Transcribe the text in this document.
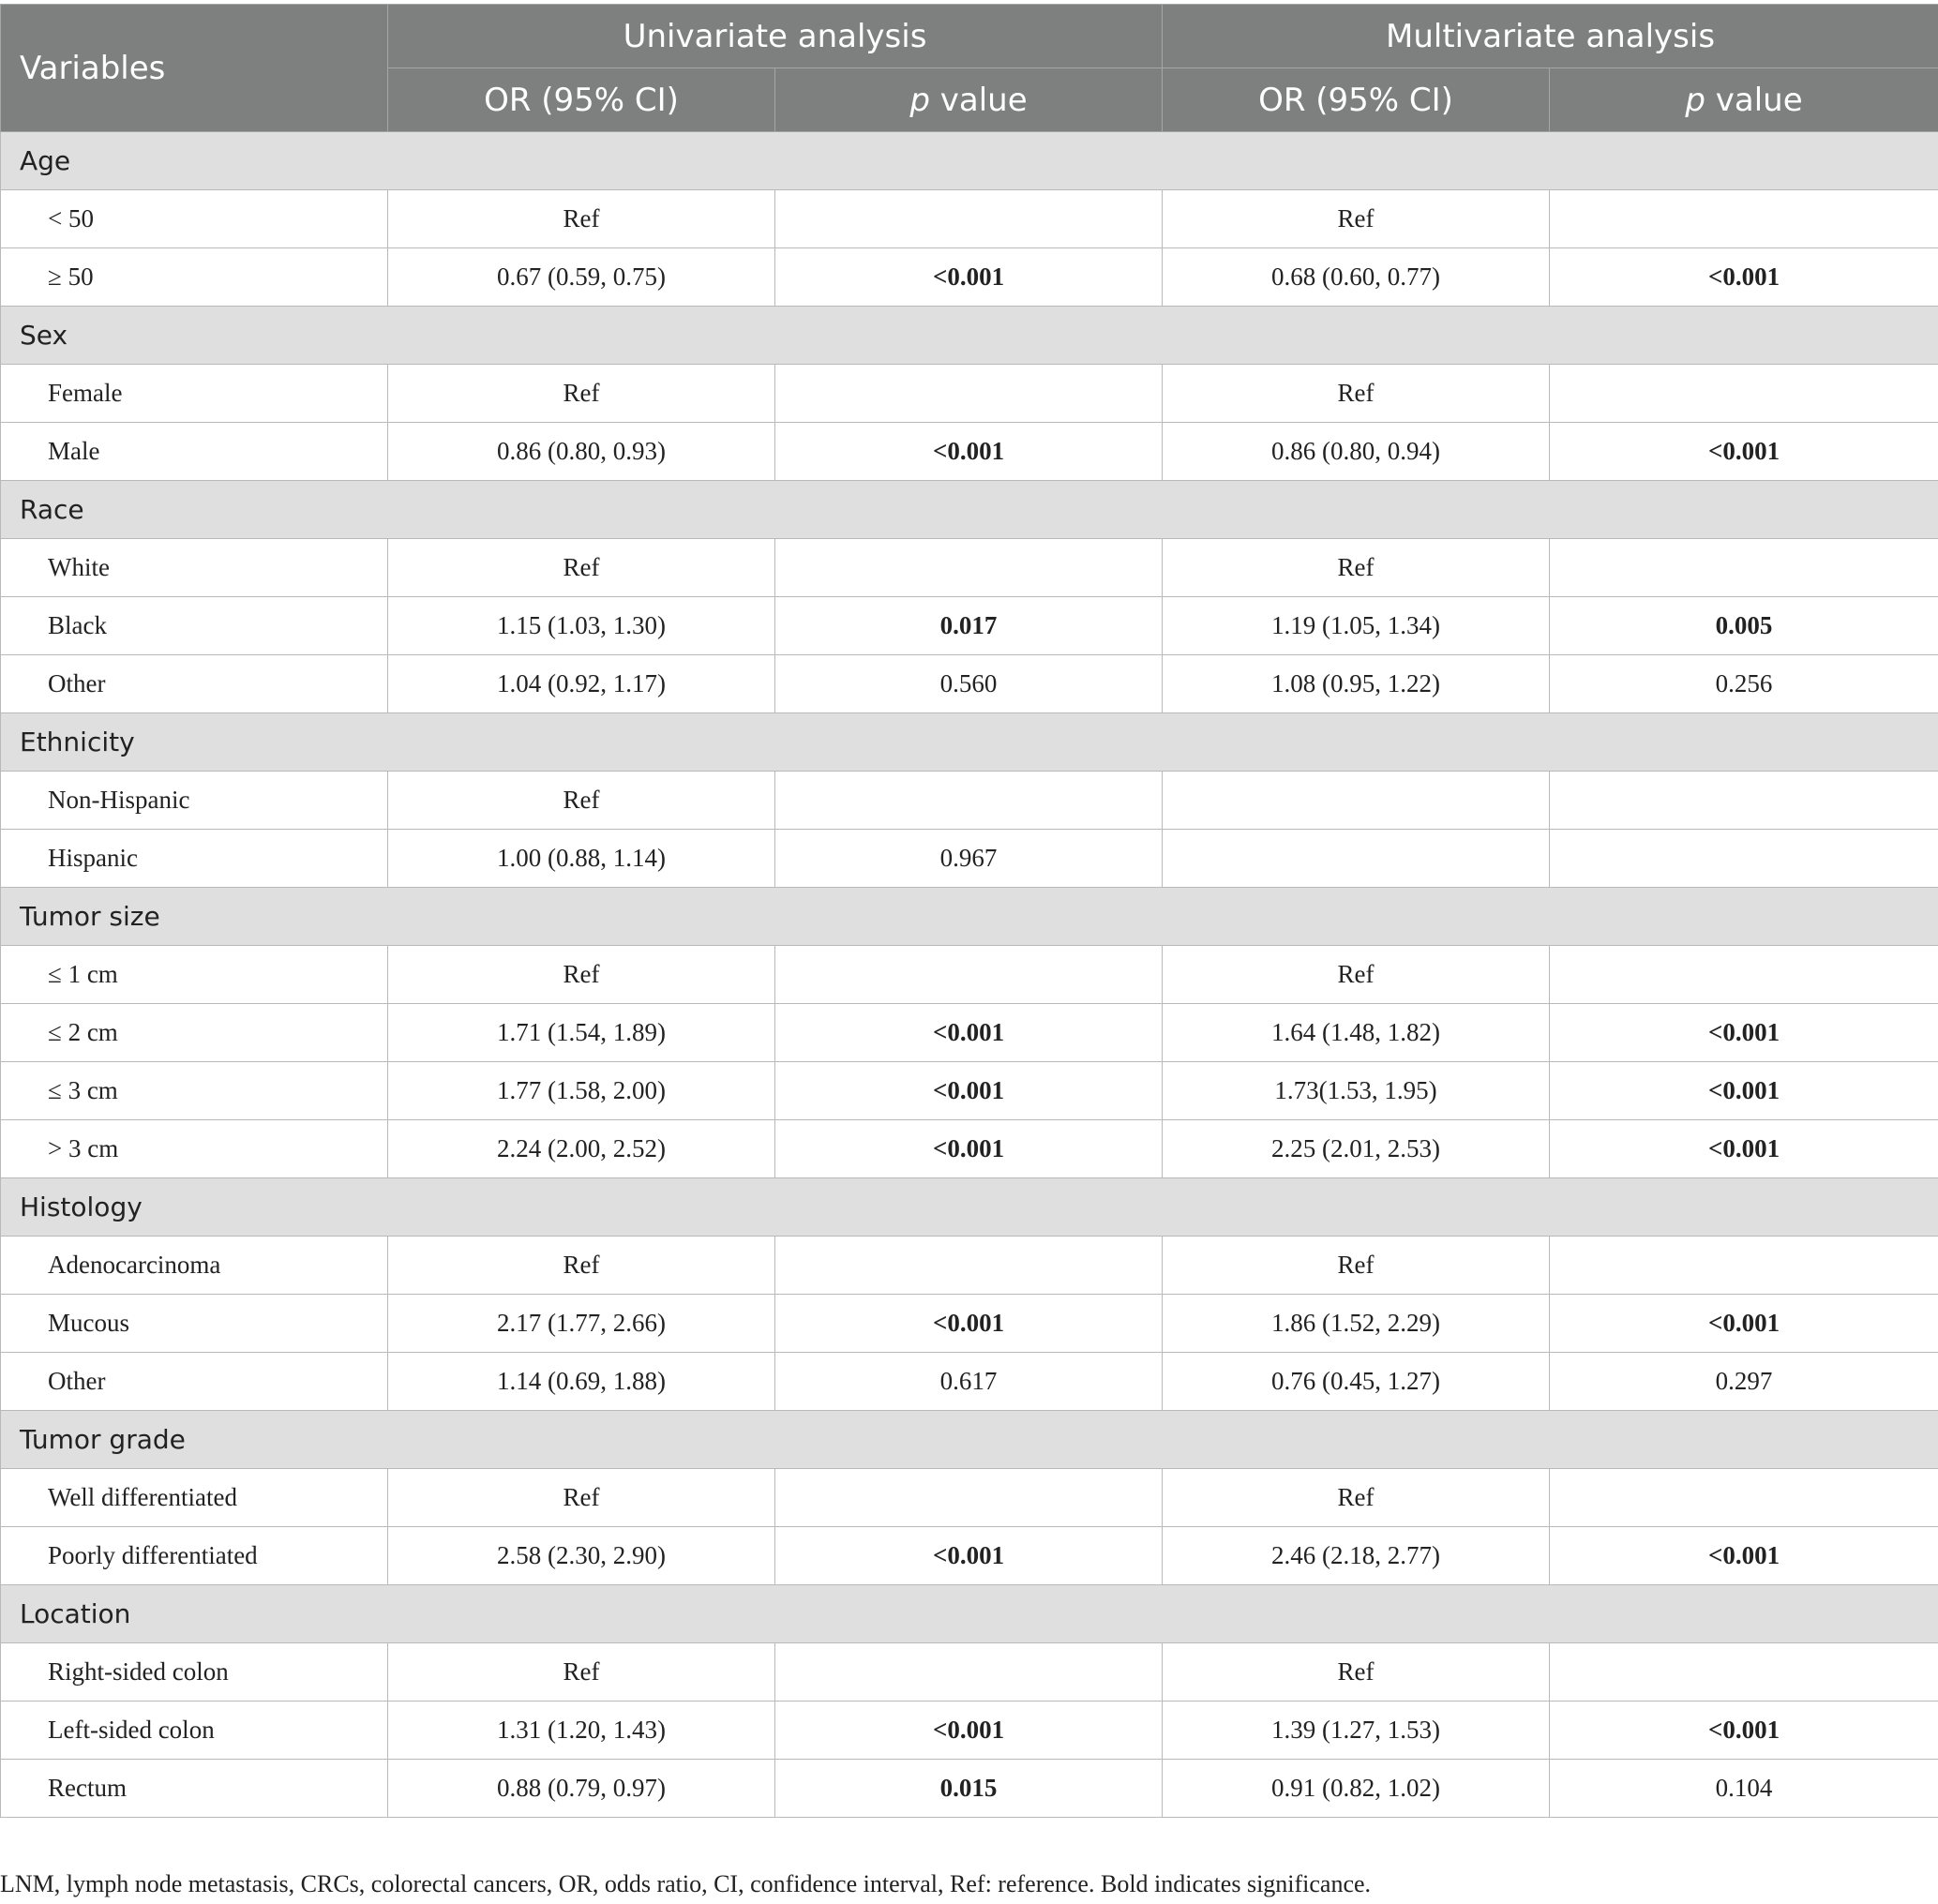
Variables	Univariate analysis		Multivariate analysis	
	OR (95% CI)	p value	OR (95% CI)	p value
Age				
< 50	Ref		Ref	
≥ 50	0.67 (0.59, 0.75)	<0.001	0.68 (0.60, 0.77)	<0.001
Sex				
Female	Ref		Ref	
Male	0.86 (0.80, 0.93)	<0.001	0.86 (0.80, 0.94)	<0.001
Race				
White	Ref		Ref	
Black	1.15 (1.03, 1.30)	0.017	1.19 (1.05, 1.34)	0.005
Other	1.04 (0.92, 1.17)	0.560	1.08 (0.95, 1.22)	0.256
Ethnicity				
Non-Hispanic	Ref			
Hispanic	1.00 (0.88, 1.14)	0.967		
Tumor size				
≤ 1 cm	Ref		Ref	
≤ 2 cm	1.71 (1.54, 1.89)	<0.001	1.64 (1.48, 1.82)	<0.001
≤ 3 cm	1.77 (1.58, 2.00)	<0.001	1.73(1.53, 1.95)	<0.001
> 3 cm	2.24 (2.00, 2.52)	<0.001	2.25 (2.01, 2.53)	<0.001
Histology				
Adenocarcinoma	Ref		Ref	
Mucous	2.17 (1.77, 2.66)	<0.001	1.86 (1.52, 2.29)	<0.001
Other	1.14 (0.69, 1.88)	0.617	0.76 (0.45, 1.27)	0.297
Tumor grade				
Well differentiated	Ref		Ref	
Poorly differentiated	2.58 (2.30, 2.90)	<0.001	2.46 (2.18, 2.77)	<0.001
Location				
Right-sided colon	Ref		Ref	
Left-sided colon	1.31 (1.20, 1.43)	<0.001	1.39 (1.27, 1.53)	<0.001
Rectum	0.88 (0.79, 0.97)	0.015	0.91 (0.82, 1.02)	0.104
LNM, lymph node metastasis, CRCs, colorectal cancers, OR, odds ratio, CI, confidence interval, Ref: reference. Bold indicates significance.
